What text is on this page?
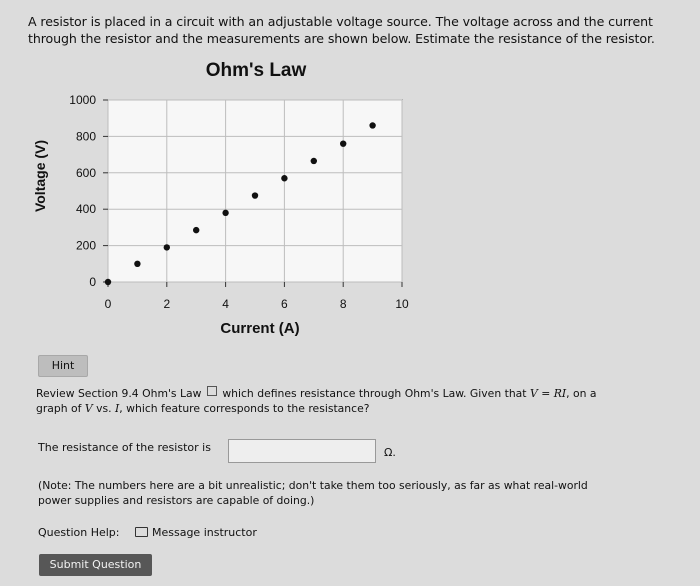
A resistor is placed in a circuit with an adjustable voltage source. The voltage across and the current
through the resistor and the measurements are shown below. Estimate the resistance of the resistor.
Ohm's Law
0
200
400
600
800
1000
0	2	4	6	8	10
Voltage (V)
Current (A)
Hint
Review Section 9.4 Ohm's Law which defines resistance through Ohm's Law. Given that V = RI, on a
graph of V vs. I, which feature corresponds to the resistance?
The resistance of the resistor is	Ω.
(Note: The numbers here are a bit unrealistic; don't take them too seriously, as far as what real-world
power supplies and resistors are capable of doing.)
Question Help:	Message instructor
Submit Question
